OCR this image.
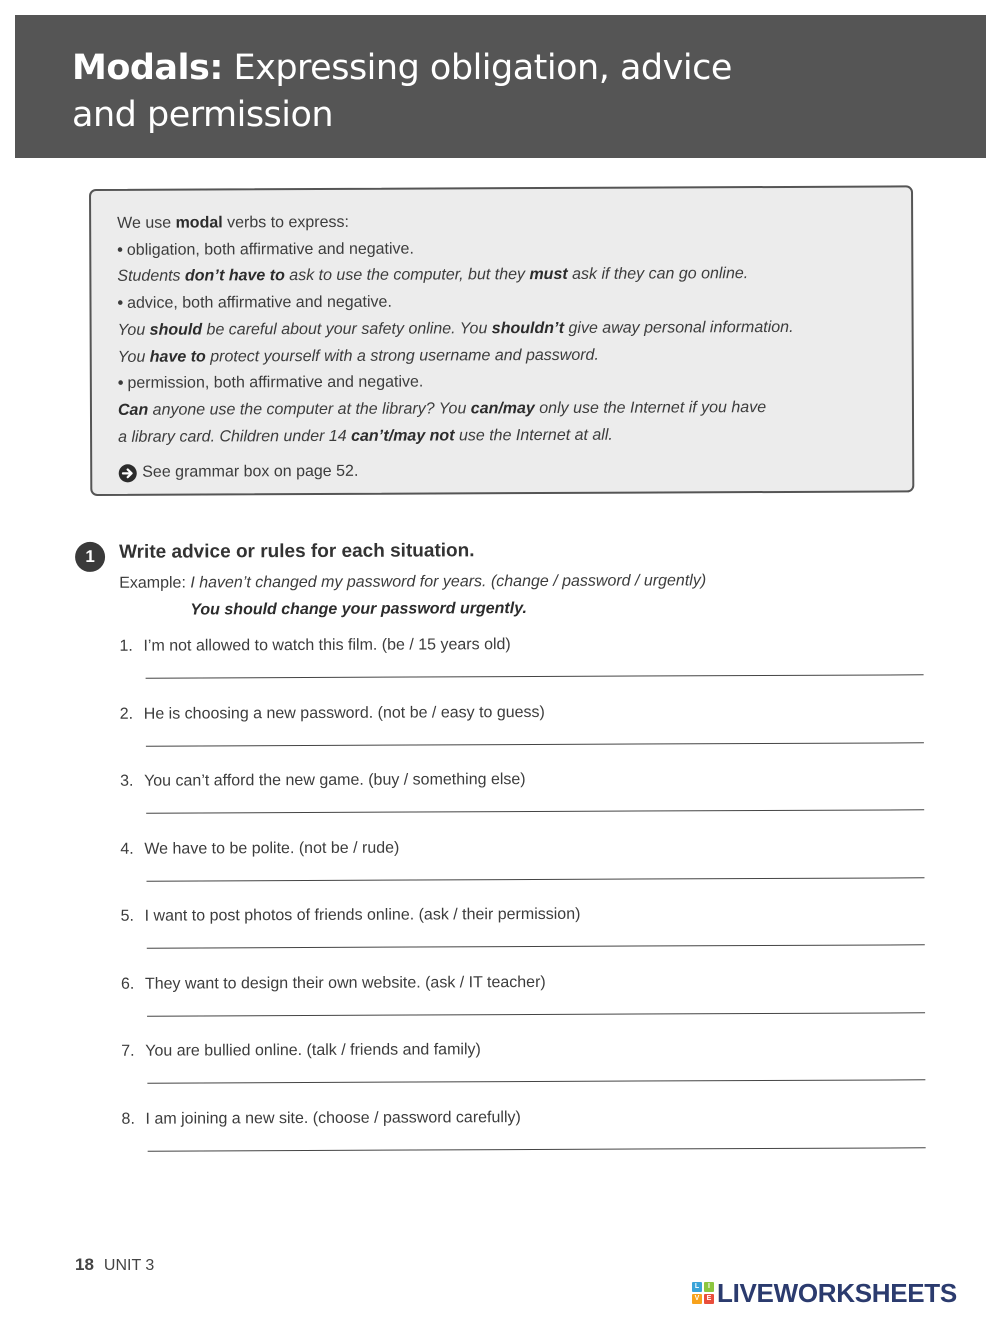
Modals: Expressing obligation, advice
and permission
We use modal verbs to express:
• obligation, both affirmative and negative.
Students don’t have to ask to use the computer, but they must ask if they can go online.
• advice, both affirmative and negative.
You should be careful about your safety online. You shouldn’t give away personal information.
You have to protect yourself with a strong username and password.
• permission, both affirmative and negative.
Can anyone use the computer at the library? You can/may only use the Internet if you have
a library card. Children under 14 can’t/may not use the Internet at all.
See grammar box on page 52.
1	Write advice or rules for each situation.
Example: I haven’t changed my password for years. (change / password / urgently)
You should change your password urgently.
1. I’m not allowed to watch this film. (be / 15 years old)
2. He is choosing a new password. (not be / easy to guess)
3. You can’t afford the new game. (buy / something else)
4. We have to be polite. (not be / rude)
5. I want to post photos of friends online. (ask / their permission)
6. They want to design their own website. (ask / IT teacher)
7. You are bullied online. (talk / friends and family)
8. I am joining a new site. (choose / password carefully)
18 UNIT 3
L	I
V	E LIVEWORKSHEETS
